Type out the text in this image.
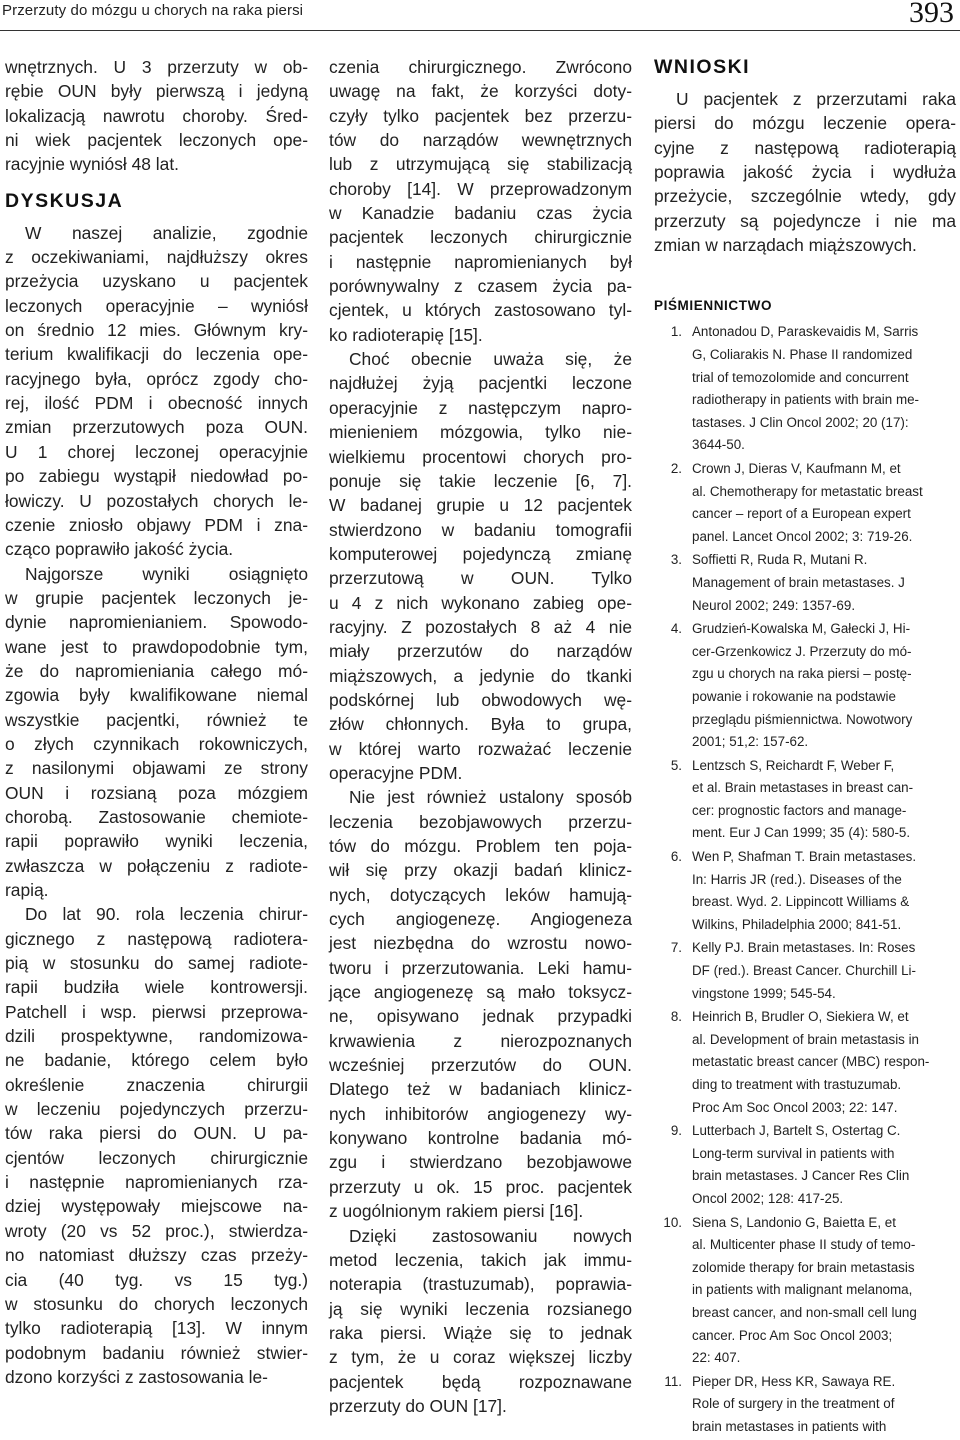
Przerzuty do mózgu u chorych na raka piersi	393

wnętrznych. U 3 przerzuty w ob-

rębie OUN były pierwszą i jedyną

lokalizacją nawrotu choroby. Śred-

ni wiek pacjentek leczonych ope-

racyjnie wyniósł 48 lat.

DYSKUSJA

W naszej analizie, zgodnie

z oczekiwaniami, najdłuższy okres

przeżycia uzyskano u pacjentek

leczonych operacyjnie – wyniósł

on średnio 12 mies. Głównym kry-

terium kwalifikacji do leczenia ope-

racyjnego była, oprócz zgody cho-

rej, ilość PDM i obecność innych

zmian przerzutowych poza OUN.

U 1 chorej leczonej operacyjnie

po zabiegu wystąpił niedowład po-

łowiczy. U pozostałych chorych le-

czenie zniosło objawy PDM i zna-

cząco poprawiło jakość życia.

Najgorsze wyniki osiągnięto

w grupie pacjentek leczonych je-

dynie napromienianiem. Spowodo-

wane jest to prawdopodobnie tym,

że do napromieniania całego mó-

zgowia były kwalifikowane niemal

wszystkie pacjentki, również te

o złych czynnikach rokowniczych,

z nasilonymi objawami ze strony

OUN i rozsianą poza mózgiem

chorobą. Zastosowanie chemiote-

rapii poprawiło wyniki leczenia,

zwłaszcza w połączeniu z radiote-

rapią.

Do lat 90. rola leczenia chirur-

gicznego z następową radiotera-

pią w stosunku do samej radiote-

rapii budziła wiele kontrowersji.

Patchell i wsp. pierwsi przeprowa-

dzili prospektywne, randomizowa-

ne badanie, którego celem było

określenie znaczenia chirurgii

w leczeniu pojedynczych przerzu-

tów raka piersi do OUN. U pa-

cjentów leczonych chirurgicznie

i następnie napromienianych rza-

dziej występowały miejscowe na-

wroty (20 vs 52 proc.), stwierdza-

no natomiast dłuższy czas przeży-

cia (40 tyg. vs 15 tyg.)

w stosunku do chorych leczonych

tylko radioterapią [13]. W innym

podobnym badaniu również stwier-

dzono korzyści z zastosowania le-

czenia chirurgicznego. Zwrócono

uwagę na fakt, że korzyści doty-

czyły tylko pacjentek bez przerzu-

tów do narządów wewnętrznych

lub z utrzymującą się stabilizacją

choroby [14]. W przeprowadzonym

w Kanadzie badaniu czas życia

pacjentek leczonych chirurgicznie

i następnie napromienianych był

porównywalny z czasem życia pa-

cjentek, u których zastosowano tyl-

ko radioterapię [15].

Choć obecnie uważa się, że

najdłużej żyją pacjentki leczone

operacyjnie z następczym napro-

mienieniem mózgowia, tylko nie-

wielkiemu procentowi chorych pro-

ponuje się takie leczenie [6, 7].

W badanej grupie u 12 pacjentek

stwierdzono w badaniu tomografii

komputerowej pojedynczą zmianę

przerzutową w OUN. Tylko

u 4 z nich wykonano zabieg ope-

racyjny. Z pozostałych 8 aż 4 nie

miały przerzutów do narządów

miąższowych, a jedynie do tkanki

podskórnej lub obwodowych wę-

złów chłonnych. Była to grupa,

w której warto rozważać leczenie

operacyjne PDM.

Nie jest również ustalony sposób

leczenia bezobjawowych przerzu-

tów do mózgu. Problem ten poja-

wił się przy okazji badań klinicz-

nych, dotyczących leków hamują-

cych angiogenezę. Angiogeneza

jest niezbędna do wzrostu nowo-

tworu i przerzutowania. Leki hamu-

jące angiogenezę są mało toksycz-

ne, opisywano jednak przypadki

krwawienia z nierozpoznanych

wcześniej przerzutów do OUN.

Dlatego też w badaniach klinicz-

nych inhibitorów angiogenezy wy-

konywano kontrolne badania mó-

zgu i stwierdzano bezobjawowe

przerzuty u ok. 15 proc. pacjentek

z uogólnionym rakiem piersi [16].

Dzięki zastosowaniu nowych

metod leczenia, takich jak immu-

noterapia (trastuzumab), poprawia-

ją się wyniki leczenia rozsianego

raka piersi. Wiąże się to jednak

z tym, że u coraz większej liczby

pacjentek będą rozpoznawane

przerzuty do OUN [17].

WNIOSKI

U pacjentek z przerzutami raka

piersi do mózgu leczenie opera-

cyjne z następową radioterapią

poprawia jakość życia i wydłuża

przeżycie, szczególnie wtedy, gdy

przerzuty są pojedyncze i nie ma

zmian w narządach miąższowych.

PIŚMIENNICTWO
1. Antonadou D, Paraskevaidis M, Sarris
G, Coliarakis N. Phase II randomized
trial of temozolomide and concurrent
radiotherapy in patients with brain me-
tastases. J Clin Oncol 2002; 20 (17):
3644-50.
2. Crown J, Dieras V, Kaufmann M, et
al. Chemotherapy for metastatic breast
cancer – report of a European expert
panel. Lancet Oncol 2002; 3: 719-26.
3. Soffietti R, Ruda R, Mutani R.
Management of brain metastases. J
Neurol 2002; 249: 1357-69.
4. Grudzień-Kowalska M, Gałecki J, Hi-
cer-Grzenkowicz J. Przerzuty do mó-
zgu u chorych na raka piersi – postę-
powanie i rokowanie na podstawie
przeglądu piśmiennictwa. Nowotwory
2001; 51,2: 157-62.
5. Lentzsch S, Reichardt F, Weber F,
et al. Brain metastases in breast can-
cer: prognostic factors and manage-
ment. Eur J Can 1999; 35 (4): 580-5.
6. Wen P, Shafman T. Brain metastases.
In: Harris JR (red.). Diseases of the
breast. Wyd. 2. Lippincott Williams &
Wilkins, Philadelphia 2000; 841-51.
7. Kelly PJ. Brain metastases. In: Roses
DF (red.). Breast Cancer. Churchill Li-
vingstone 1999; 545-54.
8. Heinrich B, Brudler O, Siekiera W, et
al. Development of brain metastasis in
metastatic breast cancer (MBC) respon-
ding to treatment with trastuzumab.
Proc Am Soc Oncol 2003; 22: 147.
9. Lutterbach J, Bartelt S, Ostertag C.
Long-term survival in patients with
brain metastases. J Cancer Res Clin
Oncol 2002; 128: 417-25.
10. Siena S, Landonio G, Baietta E, et
al. Multicenter phase II study of temo-
zolomide therapy for brain metastasis
in patients with malignant melanoma,
breast cancer, and non-small cell lung
cancer. Proc Am Soc Oncol 2003;
22: 407.
11. Pieper DR, Hess KR, Sawaya RE.
Role of surgery in the treatment of
brain metastases in patients with
